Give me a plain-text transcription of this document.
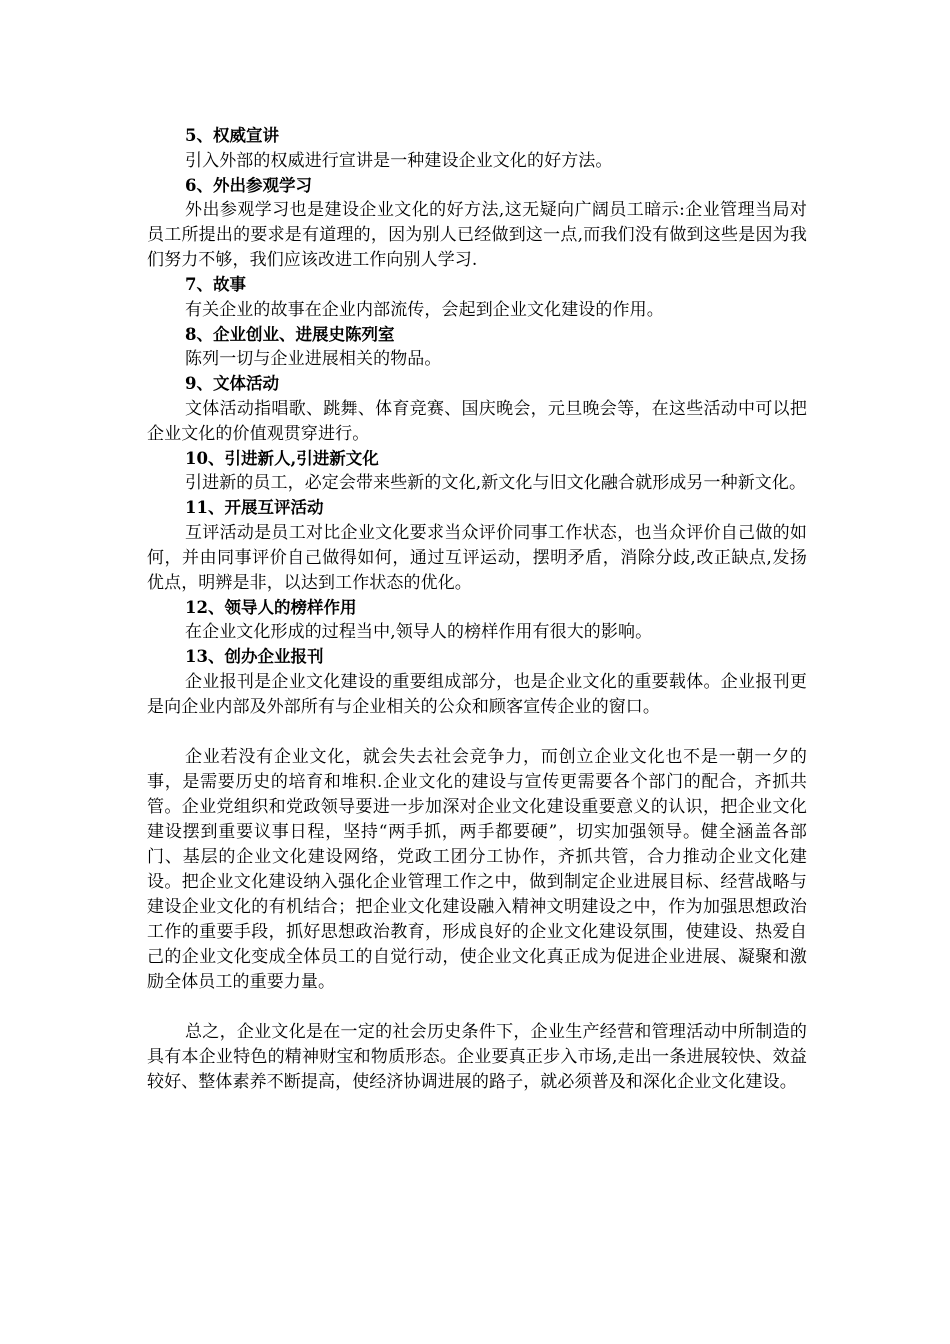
5、权威宣讲

引入外部的权威进行宣讲是一种建设企业文化的好方法。

6、外出参观学习

外出参观学习也是建设企业文化的好方法,这无疑向广阔员工暗示:企业管理当局对员工所提出的要求是有道理的，因为别人已经做到这一点,而我们没有做到这些是因为我们努力不够，我们应该改进工作向别人学习.

7、故事

有关企业的故事在企业内部流传，会起到企业文化建设的作用。

8、企业创业、进展史陈列室

陈列一切与企业进展相关的物品。

9、文体活动

文体活动指唱歌、跳舞、体育竞赛、国庆晚会，元旦晚会等，在这些活动中可以把企业文化的价值观贯穿进行。

10、引进新人,引进新文化

引进新的员工，必定会带来些新的文化,新文化与旧文化融合就形成另一种新文化。

11、开展互评活动

互评活动是员工对比企业文化要求当众评价同事工作状态，也当众评价自己做的如何，并由同事评价自己做得如何，通过互评运动，摆明矛盾，消除分歧,改正缺点,发扬优点，明辨是非，以达到工作状态的优化。

12、领导人的榜样作用

在企业文化形成的过程当中,领导人的榜样作用有很大的影响。

13、创办企业报刊

企业报刊是企业文化建设的重要组成部分，也是企业文化的重要载体。企业报刊更是向企业内部及外部所有与企业相关的公众和顾客宣传企业的窗口。

企业若没有企业文化，就会失去社会竞争力，而创立企业文化也不是一朝一夕的事，是需要历史的培育和堆积.企业文化的建设与宣传更需要各个部门的配合，齐抓共管。企业党组织和党政领导要进一步加深对企业文化建设重要意义的认识，把企业文化建设摆到重要议事日程，坚持“两手抓，两手都要硬”，切实加强领导。健全涵盖各部门、基层的企业文化建设网络，党政工团分工协作，齐抓共管，合力推动企业文化建设。把企业文化建设纳入强化企业管理工作之中，做到制定企业进展目标、经营战略与建设企业文化的有机结合；把企业文化建设融入精神文明建设之中，作为加强思想政治工作的重要手段，抓好思想政治教育，形成良好的企业文化建设氛围，使建设、热爱自己的企业文化变成全体员工的自觉行动，使企业文化真正成为促进企业进展、凝聚和激励全体员工的重要力量。

总之，企业文化是在一定的社会历史条件下，企业生产经营和管理活动中所制造的具有本企业特色的精神财宝和物质形态。企业要真正步入市场,走出一条进展较快、效益较好、整体素养不断提高，使经济协调进展的路子，就必须普及和深化企业文化建设。
